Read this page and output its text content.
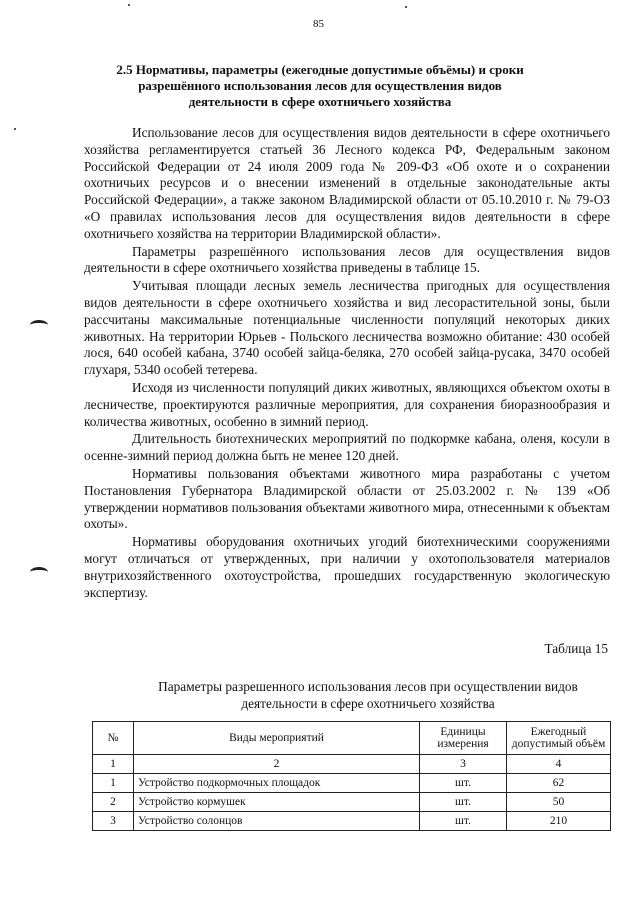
85
2.5 Нормативы, параметры (ежегодные допустимые объёмы) и сроки разрешённого использования лесов для осуществления видов деятельности в сфере охотничьего хозяйства

Использование лесов для осуществления видов деятельности в сфере охотничьего хозяйства регламентируется статьей 36 Лесного кодекса РФ, Федеральным законом Российской Федерации от 24 июля 2009 года № 209-ФЗ «Об охоте и о сохранении охотничьих ресурсов и о внесении изменений в отдельные законодательные акты Российской Федерации», а также законом Владимирской области от 05.10.2010 г. № 79-ОЗ «О правилах использования лесов для осуществления видов деятельности в сфере охотничьего хозяйства на территории Владимирской области».

Параметры разрешённого использования лесов для осуществления видов деятельности в сфере охотничьего хозяйства приведены в таблице 15.

Учитывая площади лесных земель лесничества пригодных для осуществления видов деятельности в сфере охотничьего хозяйства и вид лесорастительной зоны, были рассчитаны максимальные потенциальные численности популяций некоторых диких животных. На территории Юрьев - Польского лесничества возможно обитание: 430 особей лося, 640 особей кабана, 3740 особей зайца-беляка, 270 особей зайца-русака, 3470 особей глухаря, 5340 особей тетерева.

Исходя из численности популяций диких животных, являющихся объектом охоты в лесничестве, проектируются различные мероприятия, для сохранения биоразнообразия и количества животных, особенно в зимний период.

Длительность биотехнических мероприятий по подкормке кабана, оленя, косули в осенне-зимний период должна быть не менее 120 дней.

Нормативы пользования объектами животного мира разработаны с учетом Постановления Губернатора Владимирской области от 25.03.2002 г. № 139 «Об утверждении нормативов пользования объектами животного мира, отнесенными к объектам охоты».

Нормативы оборудования охотничьих угодий биотехническими сооружениями могут отличаться от утвержденных, при наличии у охотопользователя материалов внутрихозяйственного охотоустройства, прошедших государственную экологическую экспертизу.

Таблица 15
Параметры разрешенного использования лесов при осуществлении видов деятельности в сфере охотничьего хозяйства
№	Виды мероприятий	Единицы измерения	Ежегодный допустимый объём
1	2	3	4
1	Устройство подкормочных площадок	шт.	62
2	Устройство кормушек	шт.	50
3	Устройство солонцов	шт.	210
